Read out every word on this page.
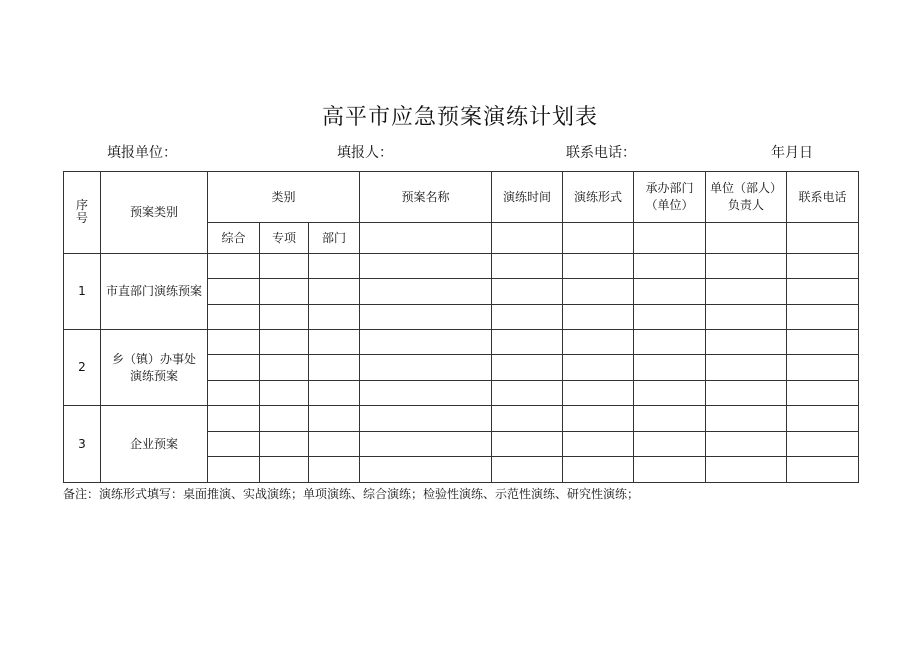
高平市应急预案演练计划表
填报单位：	填报人：	联系电话：	年月日
序号	预案类别	类别			预案名称	演练时间	演练形式	承办部门（单位）	单位（部人）负责人	联系电话
		综合	专项	部门						
1	市直部门演练预案									

2	乡（镇）办事处演练预案									

3	企业预案									

备注：演练形式填写：桌面推演、实战演练；单项演练、综合演练；检验性演练、示范性演练、研究性演练；
